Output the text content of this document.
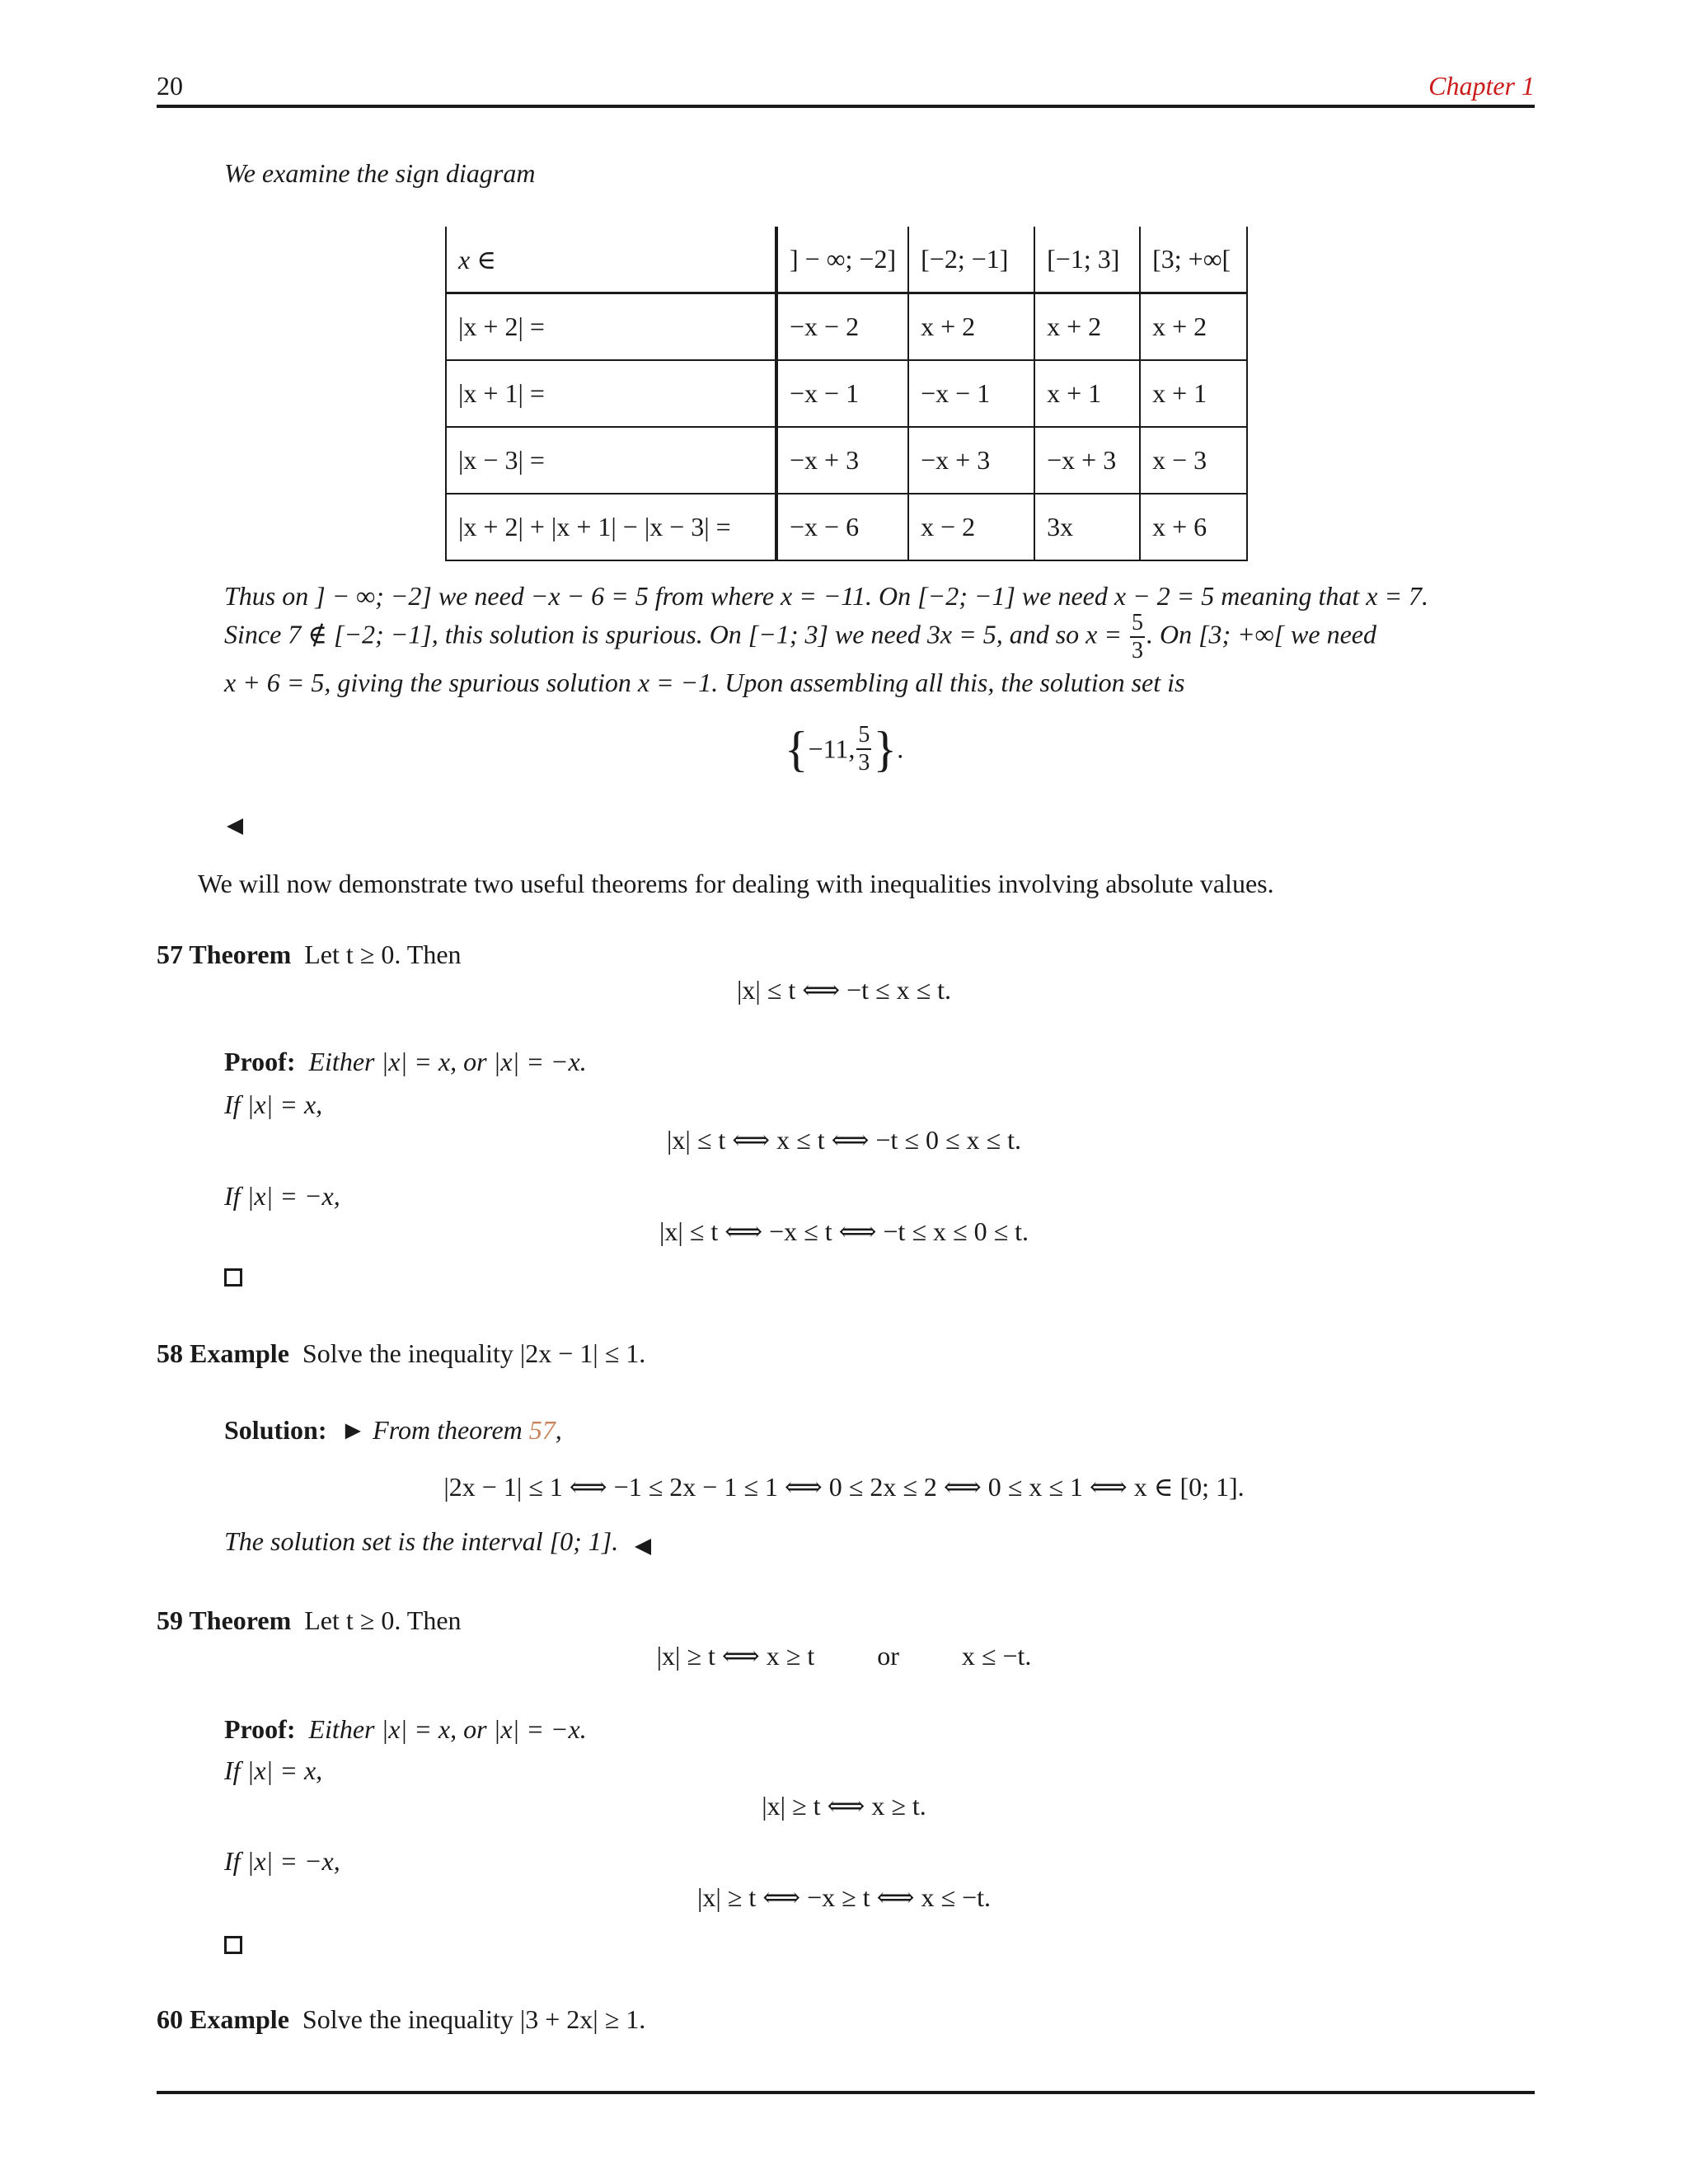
20	Chapter 1
We examine the sign diagram
x ∈	] − ∞; −2]	[−2; −1]	[−1; 3]	[3; +∞[
|x + 2| =	−x − 2	x + 2	x + 2	x + 2
|x + 1| =	−x − 1	−x − 1	x + 1	x + 1
|x − 3| =	−x + 3	−x + 3	−x + 3	x − 3
|x + 2| + |x + 1| − |x − 3| =	−x − 6	x − 2	3x	x + 6
Thus on ] − ∞; −2] we need −x − 6 = 5 from where x = −11. On [−2; −1] we need x − 2 = 5 meaning that x = 7.
Since 7 ∉ [−2; −1], this solution is spurious. On [−1; 3] we need 3x = 5, and so $x = \frac{5}{3}$ . On [3; +∞[ we need
x + 6 = 5, giving the spurious solution x = −1. Upon assembling all this, the solution set is
{−11, $\frac{5}{3}$ }.
We will now demonstrate two useful theorems for dealing with inequalities involving absolute values.
57 Theorem Let t ≥ 0. Then
|x| ≤ t ⟺ −t ≤ x ≤ t.
Proof: Either |x| = x, or |x| = −x.
If |x| = x,
|x| ≤ t ⟺ x ≤ t ⟺ −t ≤ 0 ≤ x ≤ t.
If |x| = −x,
|x| ≤ t ⟺ −x ≤ t ⟺ −t ≤ x ≤ 0 ≤ t.
58 Example Solve the inequality |2x − 1| ≤ 1.
Solution: ► From theorem 57,
|2x − 1| ≤ 1 ⟺ −1 ≤ 2x − 1 ≤ 1 ⟺ 0 ≤ 2x ≤ 2 ⟺ 0 ≤ x ≤ 1 ⟺ x ∈ [0; 1].
The solution set is the interval [0; 1].
59 Theorem Let t ≥ 0. Then
|x| ≥ t ⟺ x ≥ t or x ≤ −t.
Proof: Either |x| = x, or |x| = −x.
If |x| = x,
|x| ≥ t ⟺ x ≥ t.
If |x| = −x,
|x| ≥ t ⟺ −x ≥ t ⟺ x ≤ −t.
60 Example Solve the inequality |3 + 2x| ≥ 1.
